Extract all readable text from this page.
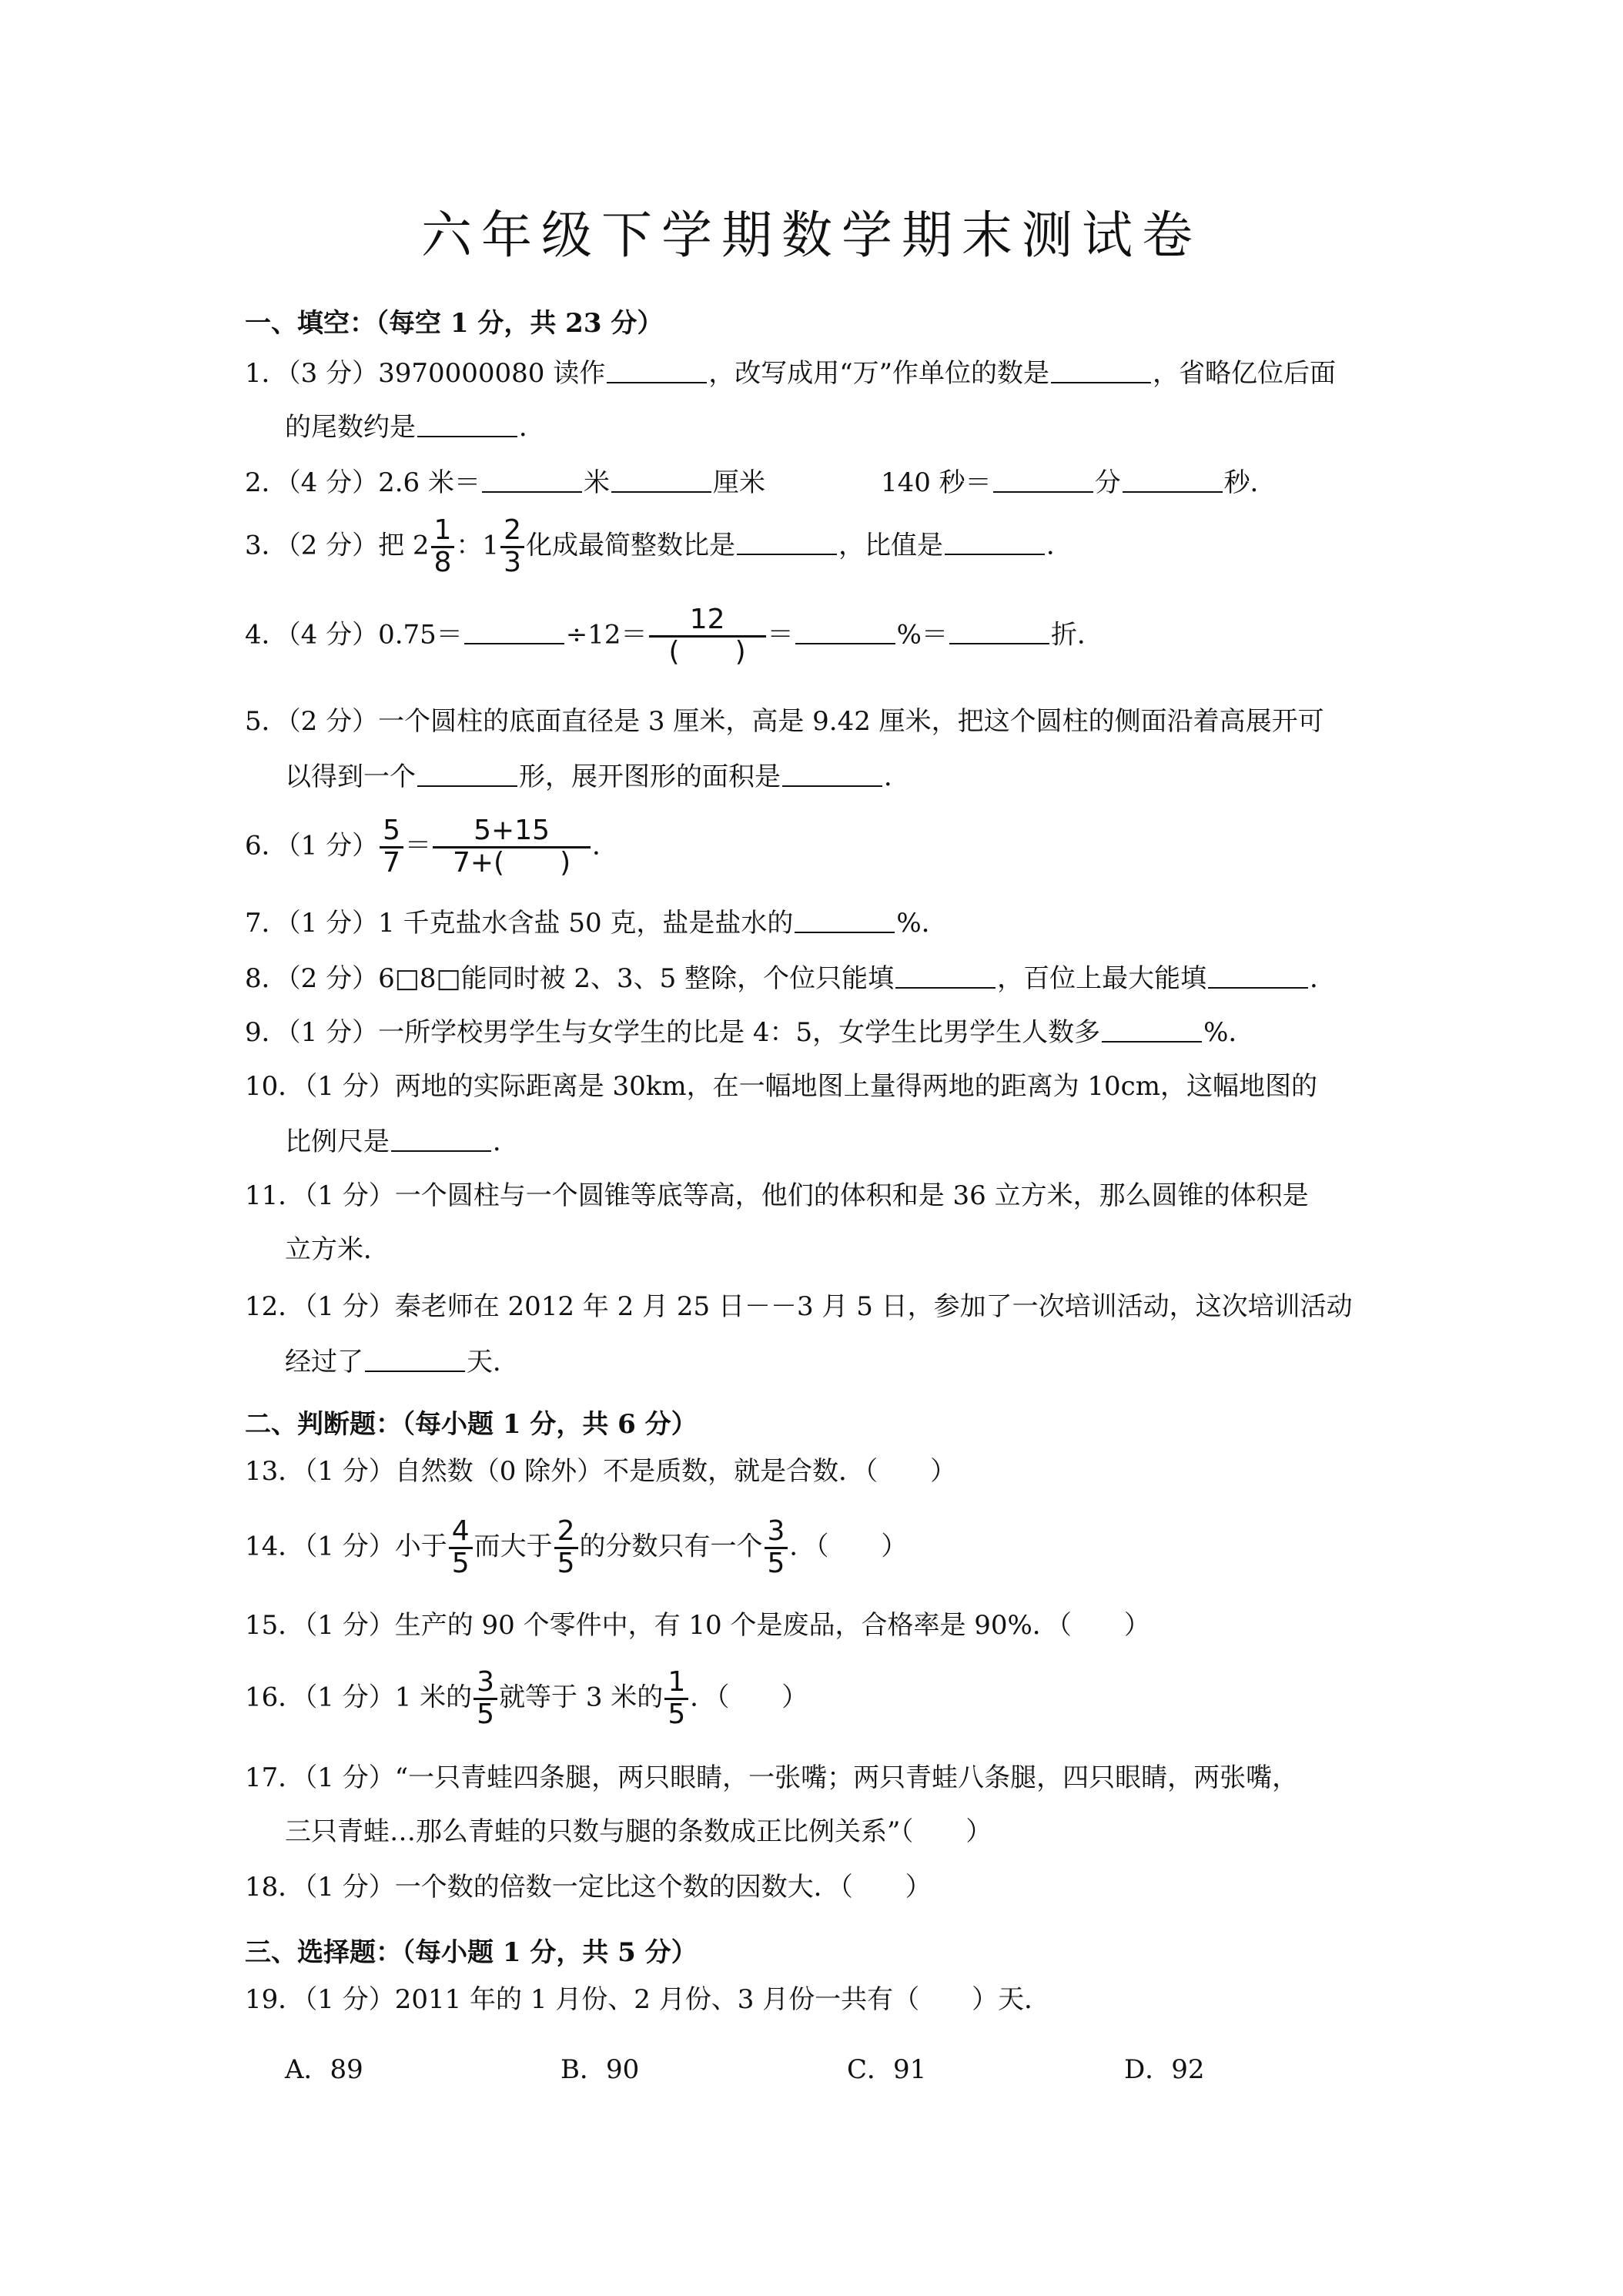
六年级下学期数学期末测试卷
一、填空：（每空 1 分，共 23 分）
1．（3 分）3970000080 读作	，改写成用“万”作单位的数是	，省略亿位后面
的尾数约是	．
2．（4 分）2.6 米＝	米	厘米	140 秒＝	分	秒．
3．（2 分）把 $2 \frac{1}{8}$ ：$1 \frac{2}{3}$ 化成最简整数比是	，比值是	．
4．（4 分）0.75＝	$\div 12= \frac{12}{( )}$ ＝	%＝	折．
5．（2 分）一个圆柱的底面直径是 3 厘米，高是 9.42 厘米，把这个圆柱的侧面沿着高展开可
以得到一个	形，展开图形的面积是	．
6．（1 分） $\frac{5}{7} = \frac{5+15}{7+( )}$ ．
7．（1 分）1 千克盐水含盐 50 克，盐是盐水的	%．
8．（2 分）6□8□能同时被 2、3、5 整除，个位只能填	，百位上最大能填	．
9．（1 分）一所学校男学生与女学生的比是 4：5，女学生比男学生人数多	%．
10．（1 分）两地的实际距离是 30km，在一幅地图上量得两地的距离为 10cm，这幅地图的
比例尺是	．
11．（1 分）一个圆柱与一个圆锥等底等高，他们的体积和是 36 立方米，那么圆锥的体积是
立方米．
12．（1 分）秦老师在 2012 年 2 月 25 日－－3 月 5 日，参加了一次培训活动，这次培训活动
经过了	天．
二、判断题：（每小题 1 分，共 6 分）
13．（1 分）自然数（0 除外）不是质数，就是合数．（　　）
14．（1 分）小于 $\frac{4}{5}$ 而大于 $\frac{2}{5}$ 的分数只有一个 $\frac{3}{5}$ ．（　　）
15．（1 分）生产的 90 个零件中，有 10 个是废品，合格率是 90%．（　　）
16．（1 分）1 米的 $\frac{3}{5}$ 就等于 3 米的 $\frac{1}{5}$ ．（　　）
17．（1 分）“一只青蛙四条腿，两只眼睛，一张嘴；两只青蛙八条腿，四只眼睛，两张嘴，
三只青蛙…那么青蛙的只数与腿的条数成正比例关系”（　　）
18．（1 分）一个数的倍数一定比这个数的因数大．（　　）
三、选择题：（每小题 1 分，共 5 分）
19．（1 分）2011 年的 1 月份、2 月份、3 月份一共有（　　）天．
A．89	B．90	C．91	D．92
